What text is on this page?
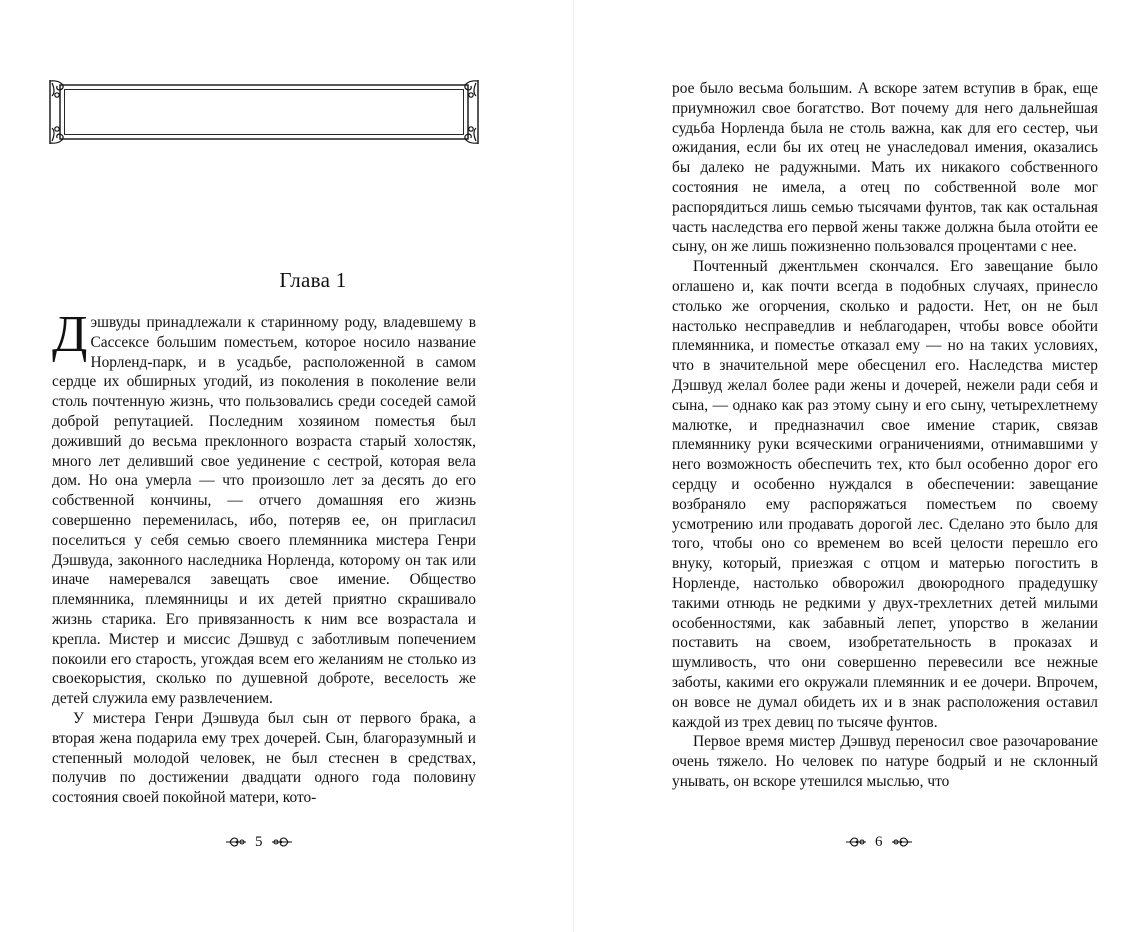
Глава 1

Дэшвуды принадлежали к старинному роду, владевшему в Сассексе большим поместьем, которое носило название Норленд-парк, и в усадьбе, расположенной в самом сердце их обширных угодий, из поколения в поколение вели столь почтенную жизнь, что пользовались среди соседей самой доброй репутацией. Последним хозяином поместья был доживший до весьма преклонного возраста старый холостяк, много лет деливший свое уединение с сестрой, которая вела дом. Но она умерла — что произошло лет за десять до его собственной кончины, — отчего домашняя его жизнь совершенно переменилась, ибо, потеряв ее, он пригласил поселиться у себя семью своего племянника мистера Генри Дэшвуда, законного наследника Норленда, которому он так или иначе намеревался завещать свое имение. Общество племянника, племянницы и их детей приятно скрашивало жизнь старика. Его привязанность к ним все возрастала и крепла. Мистер и миссис Дэшвуд с заботливым попечением покоили его старость, угождая всем его желаниям не столько из своекорыстия, сколько по душевной доброте, веселость же детей служила ему развлечением.

У мистера Генри Дэшвуда был сын от первого брака, а вторая жена подарила ему трех дочерей. Сын, благоразумный и степенный молодой человек, не был стеснен в средствах, получив по достижении двадцати одного года половину состояния своей покойной матери, кото-

5

рое было весьма большим. А вскоре затем вступив в брак, еще приумножил свое богатство. Вот почему для него дальнейшая судьба Норленда была не столь важна, как для его сестер, чьи ожидания, если бы их отец не унаследовал имения, оказались бы далеко не радужными. Мать их никакого собственного состояния не имела, а отец по собственной воле мог распорядиться лишь семью тысячами фунтов, так как остальная часть наследства его первой жены также должна была отойти ее сыну, он же лишь пожизненно пользовался процентами с нее.

Почтенный джентльмен скончался. Его завещание было оглашено и, как почти всегда в подобных случаях, принесло столько же огорчения, сколько и радости. Нет, он не был настолько несправедлив и неблагодарен, чтобы вовсе обойти племянника, и поместье отказал ему — но на таких условиях, что в значительной мере обесценил его. Наследства мистер Дэшвуд желал более ради жены и дочерей, нежели ради себя и сына, — однако как раз этому сыну и его сыну, четырехлетнему малютке, и предназначил свое имение старик, связав племяннику руки всяческими ограничениями, отнимавшими у него возможность обеспечить тех, кто был особенно дорог его сердцу и особенно нуждался в обеспечении: завещание возбраняло ему распоряжаться поместьем по своему усмотрению или продавать дорогой лес. Сделано это было для того, чтобы оно со временем во всей целости перешло его внуку, который, приезжая с отцом и матерью погостить в Норленде, настолько обворожил двоюродного прадедушку такими отнюдь не редкими у двух-трехлетних детей милыми особенностями, как забавный лепет, упорство в желании поставить на своем, изобретательность в проказах и шумливость, что они совершенно перевесили все нежные заботы, какими его окружали племянник и ее дочери. Впрочем, он вовсе не думал обидеть их и в знак расположения оставил каждой из трех девиц по тысяче фунтов.

Первое время мистер Дэшвуд переносил свое разочарование очень тяжело. Но человек по натуре бодрый и не склонный унывать, он вскоре утешился мыслью, что

6
